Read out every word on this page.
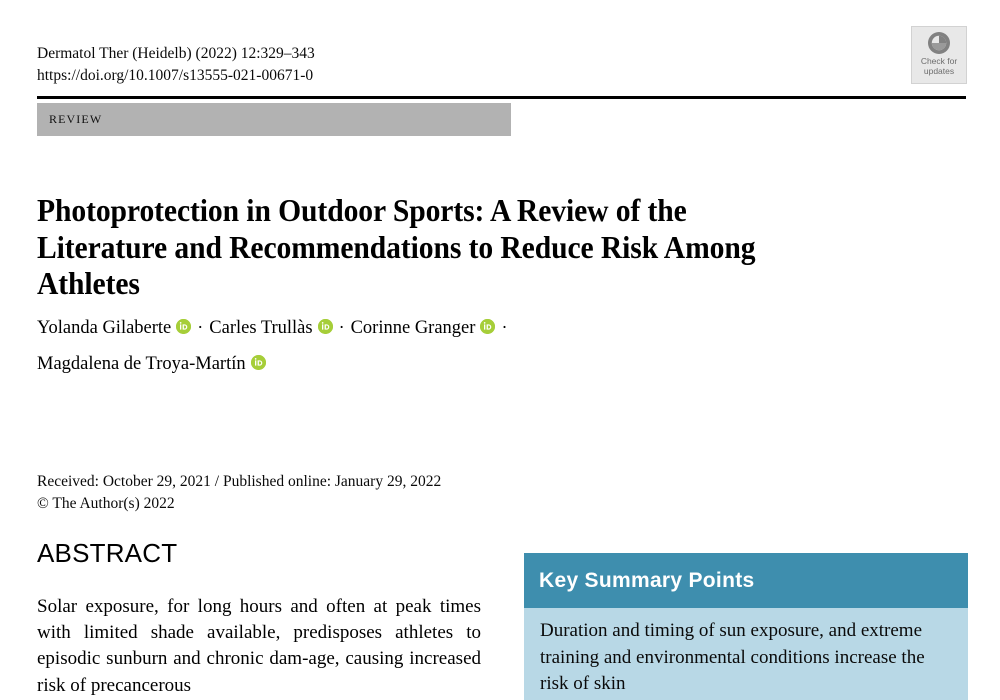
Dermatol Ther (Heidelb) (2022) 12:329–343
https://doi.org/10.1007/s13555-021-00671-0
Check for
updates
review
Photoprotection in Outdoor Sports: A Review of the Literature and Recommendations to Reduce Risk Among Athletes
Yolanda Gilaberte · Carles Trullàs · Corinne Granger ·
Magdalena de Troya-Martín
Received: October 29, 2021 / Published online: January 29, 2022
© The Author(s) 2022
ABSTRACT
Solar exposure, for long hours and often at peak times with limited shade available, predisposes athletes to episodic sunburn and chronic dam-age, causing increased risk of precancerous
Key Summary Points
Duration and timing of sun exposure, and extreme training and environmental conditions increase the risk of skin
